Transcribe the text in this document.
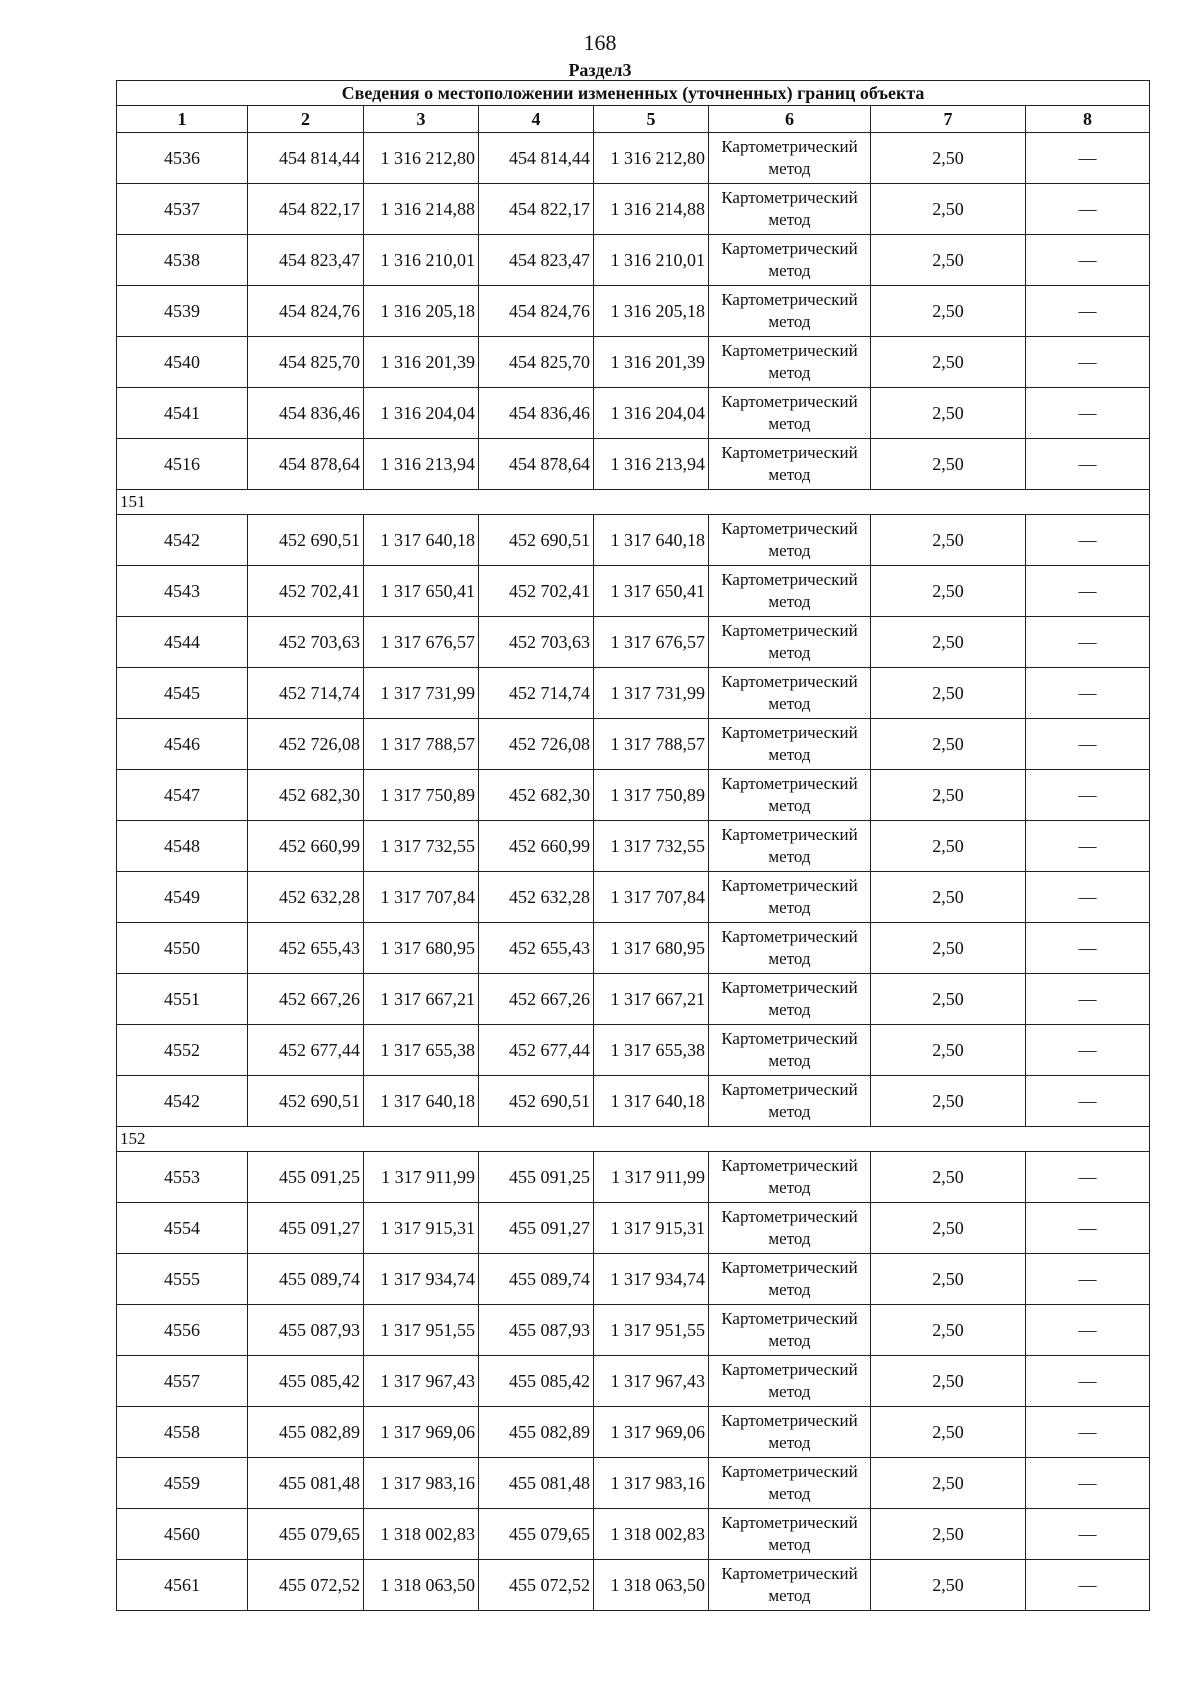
168
Раздел3
Сведения о местоположении измененных (уточненных) границ объекта							
1	2	3	4	5	6	7	8
4536	454 814,44	1 316 212,80	454 814,44	1 316 212,80	Картометрический метод	2,50	—
4537	454 822,17	1 316 214,88	454 822,17	1 316 214,88	Картометрический метод	2,50	—
4538	454 823,47	1 316 210,01	454 823,47	1 316 210,01	Картометрический метод	2,50	—
4539	454 824,76	1 316 205,18	454 824,76	1 316 205,18	Картометрический метод	2,50	—
4540	454 825,70	1 316 201,39	454 825,70	1 316 201,39	Картометрический метод	2,50	—
4541	454 836,46	1 316 204,04	454 836,46	1 316 204,04	Картометрический метод	2,50	—
4516	454 878,64	1 316 213,94	454 878,64	1 316 213,94	Картометрический метод	2,50	—
151							
4542	452 690,51	1 317 640,18	452 690,51	1 317 640,18	Картометрический метод	2,50	—
4543	452 702,41	1 317 650,41	452 702,41	1 317 650,41	Картометрический метод	2,50	—
4544	452 703,63	1 317 676,57	452 703,63	1 317 676,57	Картометрический метод	2,50	—
4545	452 714,74	1 317 731,99	452 714,74	1 317 731,99	Картометрический метод	2,50	—
4546	452 726,08	1 317 788,57	452 726,08	1 317 788,57	Картометрический метод	2,50	—
4547	452 682,30	1 317 750,89	452 682,30	1 317 750,89	Картометрический метод	2,50	—
4548	452 660,99	1 317 732,55	452 660,99	1 317 732,55	Картометрический метод	2,50	—
4549	452 632,28	1 317 707,84	452 632,28	1 317 707,84	Картометрический метод	2,50	—
4550	452 655,43	1 317 680,95	452 655,43	1 317 680,95	Картометрический метод	2,50	—
4551	452 667,26	1 317 667,21	452 667,26	1 317 667,21	Картометрический метод	2,50	—
4552	452 677,44	1 317 655,38	452 677,44	1 317 655,38	Картометрический метод	2,50	—
4542	452 690,51	1 317 640,18	452 690,51	1 317 640,18	Картометрический метод	2,50	—
152							
4553	455 091,25	1 317 911,99	455 091,25	1 317 911,99	Картометрический метод	2,50	—
4554	455 091,27	1 317 915,31	455 091,27	1 317 915,31	Картометрический метод	2,50	—
4555	455 089,74	1 317 934,74	455 089,74	1 317 934,74	Картометрический метод	2,50	—
4556	455 087,93	1 317 951,55	455 087,93	1 317 951,55	Картометрический метод	2,50	—
4557	455 085,42	1 317 967,43	455 085,42	1 317 967,43	Картометрический метод	2,50	—
4558	455 082,89	1 317 969,06	455 082,89	1 317 969,06	Картометрический метод	2,50	—
4559	455 081,48	1 317 983,16	455 081,48	1 317 983,16	Картометрический метод	2,50	—
4560	455 079,65	1 318 002,83	455 079,65	1 318 002,83	Картометрический метод	2,50	—
4561	455 072,52	1 318 063,50	455 072,52	1 318 063,50	Картометрический метод	2,50	—
